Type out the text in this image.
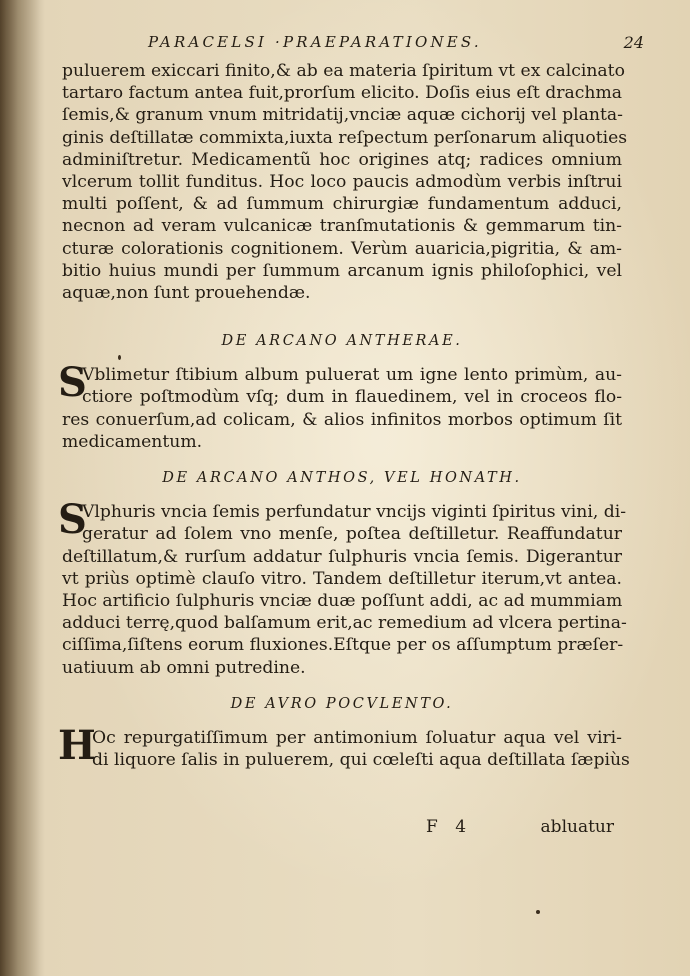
PARACELSI ·PRAEPARATIONES.	24
puluerem exiccari finito,& ab ea materia ſpiritum vt ex calcinato
tartaro factum antea fuit,prorſum elicito. Doſis eius eſt drachma
ſemis,& granum vnum mitridatij,vnciæ aquæ cichorij vel planta-
ginis deſtillatæ commixta,iuxta reſpectum perſonarum aliquoties
adminiſtretur. Medicamentũ hoc origines atq; radices omnium
vlcerum tollit funditus. Hoc loco paucis admodùm verbis inſtrui
multi poſſent, & ad ſummum chirurgiæ fundamentum adduci,
necnon ad veram vulcanicæ tranſmutationis & gemmarum tin-
cturæ colorationis cognitionem. Verùm auaricia,pigritia, & am-
bitio huius mundi per ſummum arcanum ignis philoſophici, vel
aquæ,non ſunt prouehendæ.
DE ARCANO ANTHERAE.
S
Vblimetur ſtibium album puluerat um igne lento primùm, au-
ctiore poſtmodùm vſq; dum in flauedinem, vel in croceos flo-
res conuerſum,ad colicam, & alios infinitos morbos optimum ſit
medicamentum.
DE ARCANO ANTHOS, VEL HONATH.
S
Vlphuris vncia ſemis perfundatur vncijs viginti ſpiritus vini, di-
geratur ad ſolem vno menſe, poſtea deſtilletur. Reaffundatur
deſtillatum,& rurſum addatur ſulphuris vncia ſemis. Digerantur
vt priùs optimè clauſo vitro. Tandem deſtilletur iterum,vt antea.
Hoc artificio ſulphuris vnciæ duæ poſſunt addi, ac ad mummiam
adduci terrę,quod balſamum erit,ac remedium ad vlcera pertina-
ciſſima,ſiſtens eorum fluxiones.Eſtque per os aſſumptum præſer-
uatiuum ab omni putredine.
DE AVRO POCVLENTO.
H
Oc repurgatiſſimum per antimonium ſoluatur aqua vel viri-
di liquore ſalis in puluerem, qui cœleſti aqua deſtillata ſæpiùs
F 4	abluatur
